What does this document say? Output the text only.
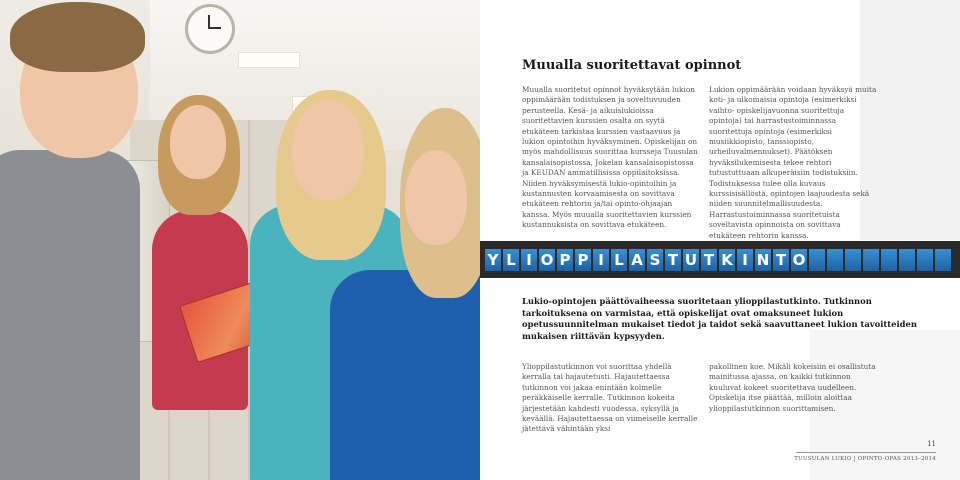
Muualla suoritettavat opinnot

Muualla suoritetut opinnot hyväksytään lukion oppimäärään todistuksen ja soveltuvuuden perusteella. Kesä- ja aikuislukioissa suoritettavien kurssien osalta on syytä etukäteen tarkistaa kurssien vastaavuus ja lukion opintoihin hyväksyminen. Opiskelijan on myös mahdollisuus suorittaa kursseja Tuusulan kansalaisopistossa, Jokelan kansalaisopistossa ja KEUDAN ammatillisissa oppilaitoksissa. Niiden hyväksymisestä lukio-opintoihin ja kustannusten korvaamisesta on sovittava etukäteen rehtorin ja/tai opinto-ohjaajan kanssa. Myös muualla suoritettavien kurssien kustannuksista on sovittava etukäteen.

Lukion oppimäärään voidaan hyväksyä muita koti- ja ulkomaisia opintoja (esimerkiksi vaihto- opiskelijavuonna suoritettuja opintoja) tai harrastustoiminnassa suoritettuja opintoja (esimerkiksi musiikkiopisto, tanssiopisto, urheiluvalmennukset). Päätöksen hyväksilukemisesta tekee rehtori tutustuttuaan alkuperäisiin todistuksiin. Todistuksessa tulee olla kuvaus kurssisisällöstä, opintojen laajuudesta sekä niiden suunnitelmallisuudesta. Harrastustoiminnassa suoritetuista soveltavista opinnoista on sovittava etukäteen rehtorin kanssa.

Y L I O P P I L A S T U T K I N T O

Lukio-opintojen päättövaiheessa suoritetaan ylioppilastutkinto. Tutkinnon tarkoituksena on varmistaa, että opiskelijat ovat omaksuneet lukion opetussuunnitelman mukaiset tiedot ja taidot sekä saavuttaneet lukion tavoitteiden mukaisen riittävän kypsyyden.

Ylioppilastutkinnon voi suorittaa yhdellä kerralla tai hajautetusti. Hajautettaessa tutkinnon voi jakaa enintään kolmelle peräkkäiselle kerralle. Tutkinnon kokeita järjestetään kahdesti vuodessa, syksyllä ja keväällä. Hajautettaessa on viimeiselle kerralle jätettävä vähintään yksi

pakollinen koe. Mikäli kokeisiin ei osallistuta mainitussa ajassa, on kaikki tutkinnon kuuluvat kokeet suoritettava uudelleen. Opiskelija itse päättää, milloin aloittaa ylioppilastutkinnon suorittamisen.

11
TUUSULAN LUKIO | OPINTO-OPAS 2013–2014
